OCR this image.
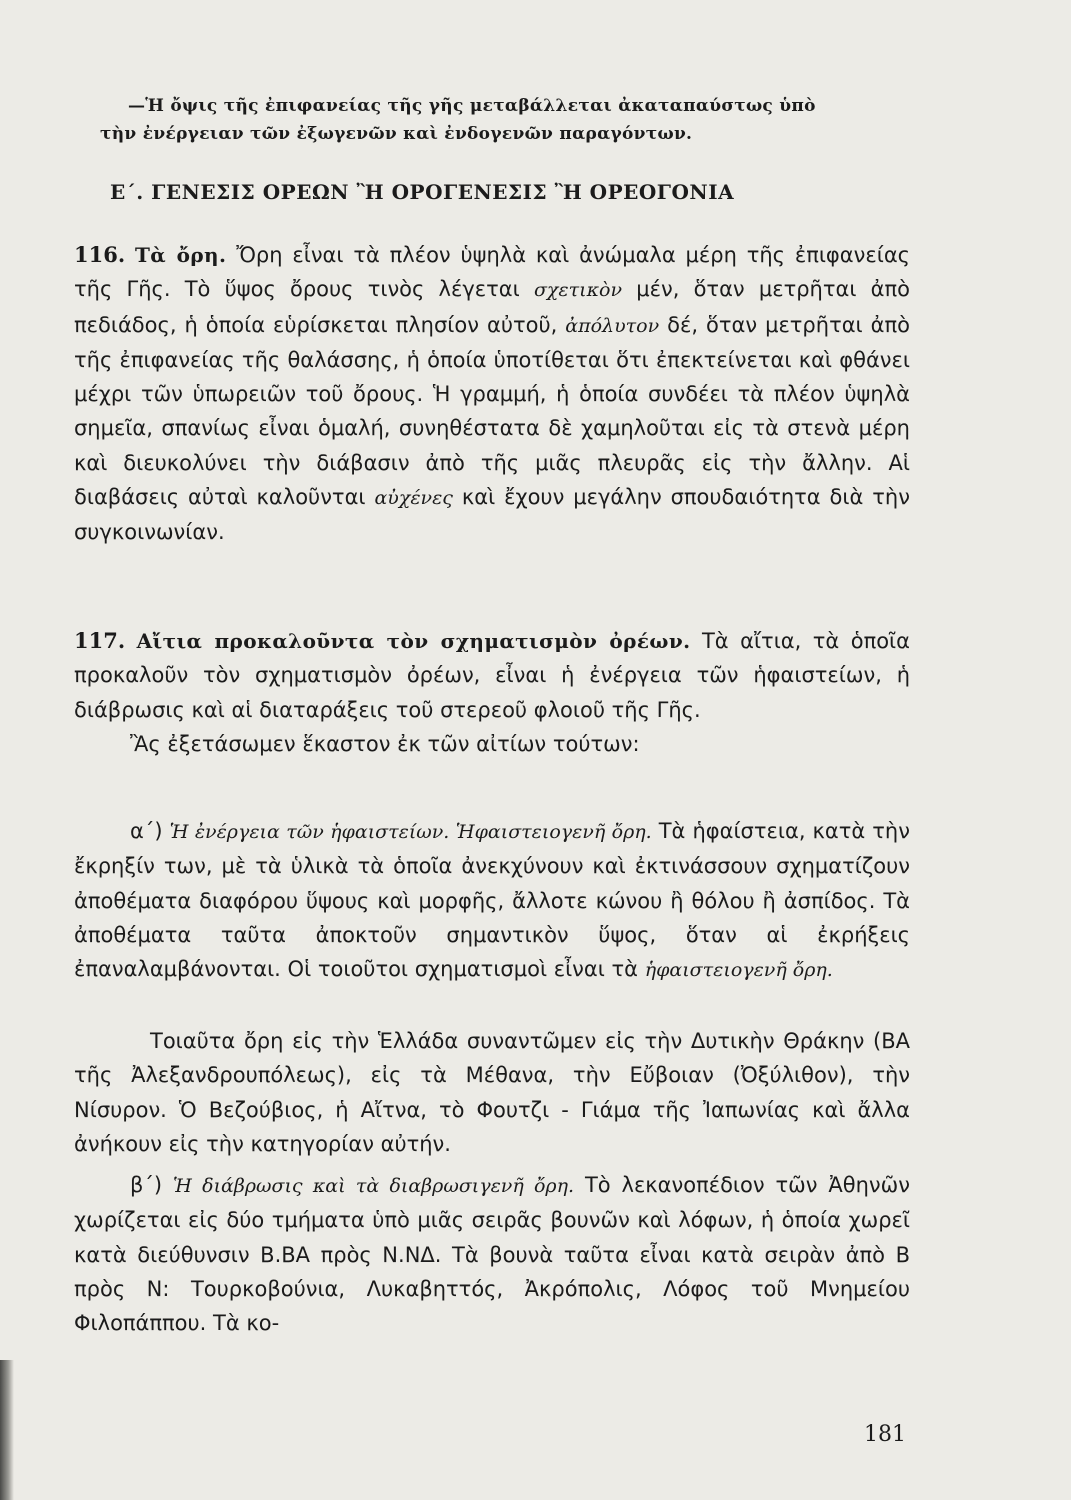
—Ἡ ὄψις τῆς ἐπιφανείας τῆς γῆς μεταβάλλεται ἀκαταπαύστως ὑπὸ
τὴν ἐνέργειαν τῶν ἐξωγενῶν καὶ ἐνδογενῶν παραγόντων.
Ε΄. ΓΕΝΕΣΙΣ ΟΡΕΩΝ Ἢ ΟΡΟΓΕΝΕΣΙΣ Ἢ ΟΡΕΟΓΟΝΙΑ
116. Τὰ ὄρη. Ὄρη εἶναι τὰ πλέον ὑψηλὰ καὶ ἀνώμαλα μέρη τῆς ἐπιφανείας τῆς Γῆς. Τὸ ὕψος ὄρους τινὸς λέγεται σχετικὸν μέν, ὅταν μετρῆται ἀπὸ πεδιάδος, ἡ ὁποία εὑρίσκεται πλησίον αὐτοῦ, ἀπόλυτον δέ, ὅταν μετρῆται ἀπὸ τῆς ἐπιφανείας τῆς θαλάσσης, ἡ ὁποία ὑποτίθεται ὅτι ἐπεκτείνεται καὶ φθάνει μέχρι τῶν ὑπωρειῶν τοῦ ὄρους. Ἡ γραμμή, ἡ ὁποία συνδέει τὰ πλέον ὑψηλὰ σημεῖα, σπανίως εἶναι ὁμαλή, συνηθέστατα δὲ χαμηλοῦται εἰς τὰ στενὰ μέρη καὶ διευκολύνει τὴν διάβασιν ἀπὸ τῆς μιᾶς πλευρᾶς εἰς τὴν ἄλλην. Αἱ διαβάσεις αὐταὶ καλοῦνται αὐχένες καὶ ἔχουν μεγάλην σπουδαιότητα διὰ τὴν συγκοινωνίαν.
117. Αἴτια προκαλοῦντα τὸν σχηματισμὸν ὀρέων. Τὰ αἴτια, τὰ ὁποῖα προκαλοῦν τὸν σχηματισμὸν ὀρέων, εἶναι ἡ ἐνέργεια τῶν ἡφαιστείων, ἡ διάβρωσις καὶ αἱ διαταράξεις τοῦ στερεοῦ φλοιοῦ τῆς Γῆς.
Ἂς ἐξετάσωμεν ἕκαστον ἐκ τῶν αἰτίων τούτων:
α΄) Ἡ ἐνέργεια τῶν ἡφαιστείων. Ἡφαιστειογενῆ ὄρη. Τὰ ἡφαίστεια, κατὰ τὴν ἔκρηξίν των, μὲ τὰ ὑλικὰ τὰ ὁποῖα ἀνεκχύνουν καὶ ἐκτινάσσουν σχηματίζουν ἀποθέματα διαφόρου ὕψους καὶ μορφῆς, ἄλλοτε κώνου ἢ θόλου ἢ ἀσπίδος. Τὰ ἀποθέματα ταῦτα ἀποκτοῦν σημαντικὸν ὕψος, ὅταν αἱ ἐκρήξεις ἐπαναλαμβάνονται. Οἱ τοιοῦτοι σχηματισμοὶ εἶναι τὰ ἡφαιστειογενῆ ὄρη.
Τοιαῦτα ὄρη εἰς τὴν Ἑλλάδα συναντῶμεν εἰς τὴν Δυτικὴν Θράκην (ΒΑ τῆς Ἀλεξανδρουπόλεως), εἰς τὰ Μέθανα, τὴν Εὔβοιαν (Ὀξύλιθον), τὴν Νίσυρον. Ὁ Βεζούβιος, ἡ Αἴτνα, τὸ Φουτζι - Γιάμα τῆς Ἰαπωνίας καὶ ἄλλα ἀνήκουν εἰς τὴν κατηγορίαν αὐτήν.
β΄) Ἡ διάβρωσις καὶ τὰ διαβρωσιγενῆ ὄρη. Τὸ λεκανοπέδιον τῶν Ἀθηνῶν χωρίζεται εἰς δύο τμήματα ὑπὸ μιᾶς σειρᾶς βουνῶν καὶ λόφων, ἡ ὁποία χωρεῖ κατὰ διεύθυνσιν Β.ΒΑ πρὸς Ν.ΝΔ. Τὰ βουνὰ ταῦτα εἶναι κατὰ σειρὰν ἀπὸ Β πρὸς Ν: Τουρκοβούνια, Λυκαβηττός, Ἀκρόπολις, Λόφος τοῦ Μνημείου Φιλοπάππου. Τὰ κο-
181
